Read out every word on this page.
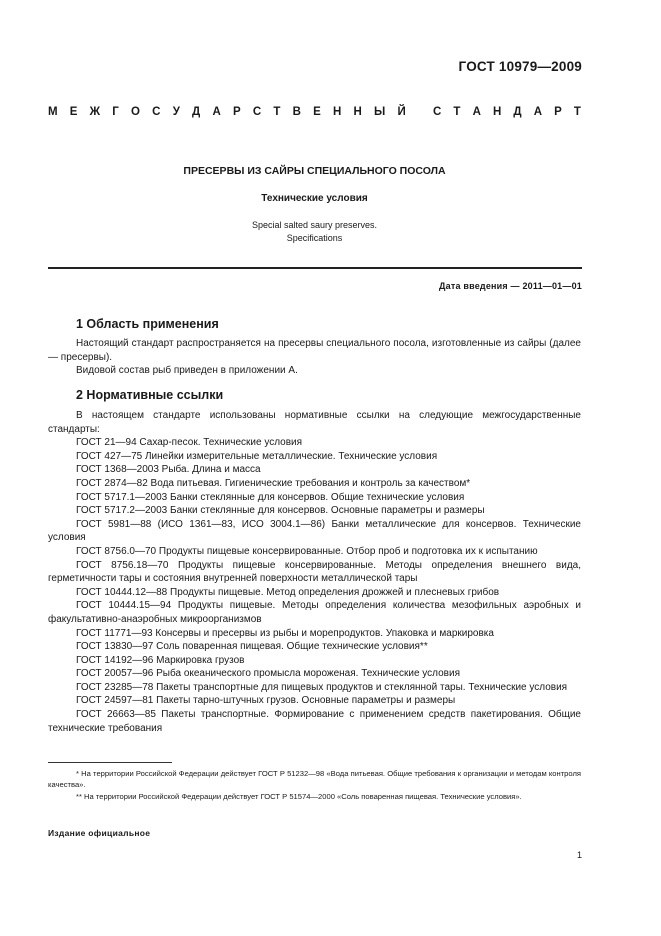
ГОСТ 10979—2009
М Е Ж Г О С У Д А Р С Т В Е Н Н Ы Й С Т А Н Д А Р Т
ПРЕСЕРВЫ ИЗ САЙРЫ СПЕЦИАЛЬНОГО ПОСОЛА
Технические условия
Special salted saury preserves.
Specifications
Дата введения — 2011—01—01
1 Область применения

Настоящий стандарт распространяется на пресервы специального посола, изготовленные из сайры (далее — пресервы).

Видовой состав рыб приведен в приложении А.

2 Нормативные ссылки

В настоящем стандарте использованы нормативные ссылки на следующие межгосударственные стандарты:

ГОСТ 21—94 Сахар-песок. Технические условия

ГОСТ 427—75 Линейки измерительные металлические. Технические условия

ГОСТ 1368—2003 Рыба. Длина и масса

ГОСТ 2874—82 Вода питьевая. Гигиенические требования и контроль за качеством*

ГОСТ 5717.1—2003 Банки стеклянные для консервов. Общие технические условия

ГОСТ 5717.2—2003 Банки стеклянные для консервов. Основные параметры и размеры

ГОСТ 5981—88 (ИСО 1361—83, ИСО 3004.1—86) Банки металлические для консервов. Технические условия

ГОСТ 8756.0—70 Продукты пищевые консервированные. Отбор проб и подготовка их к испытанию

ГОСТ 8756.18—70 Продукты пищевые консервированные. Методы определения внешнего вида, герметичности тары и состояния внутренней поверхности металлической тары

ГОСТ 10444.12—88 Продукты пищевые. Метод определения дрожжей и плесневых грибов

ГОСТ 10444.15—94 Продукты пищевые. Методы определения количества мезофильных аэробных и факультативно-анаэробных микроорганизмов

ГОСТ 11771—93 Консервы и пресервы из рыбы и морепродуктов. Упаковка и маркировка

ГОСТ 13830—97 Соль поваренная пищевая. Общие технические условия**

ГОСТ 14192—96 Маркировка грузов

ГОСТ 20057—96 Рыба океанического промысла мороженая. Технические условия

ГОСТ 23285—78 Пакеты транспортные для пищевых продуктов и стеклянной тары. Технические условия

ГОСТ 24597—81 Пакеты тарно-штучных грузов. Основные параметры и размеры

ГОСТ 26663—85 Пакеты транспортные. Формирование с применением средств пакетирования. Общие технические требования

* На территории Российской Федерации действует ГОСТ Р 51232—98 «Вода питьевая. Общие требования к организации и методам контроля качества».

** На территории Российской Федерации действует ГОСТ Р 51574—2000 «Соль поваренная пищевая. Технические условия».

Издание официальное
1
